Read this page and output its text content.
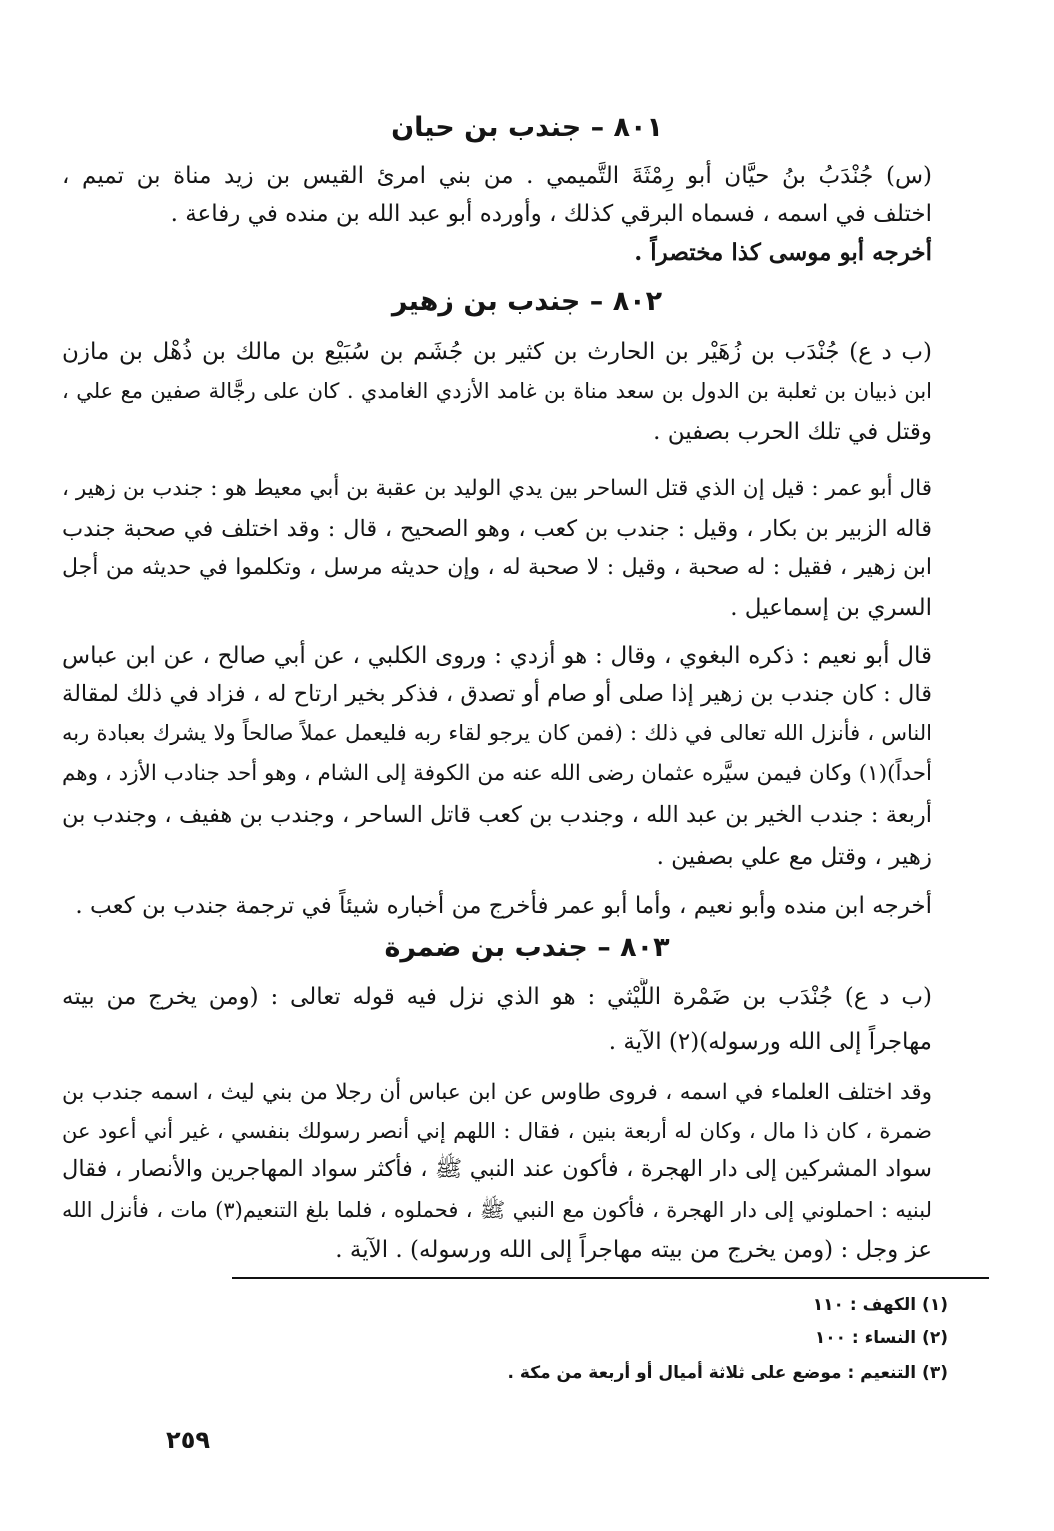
٨٠١ – جندب بن حيان
(س) جُنْدَبُ بنُ حيَّان أبو رِمْثَةَ التَّميمي . من بني امرئ القيس بن زيد مناة بن تميم ،
اختلف في اسمه ، فسماه البرقي كذلك ، وأورده أبو عبد الله بن منده في رفاعة .
أخرجه أبو موسى كذا مختصراً .
٨٠٢ – جندب بن زهير
(ب د ع) جُنْدَب بن زُهَيْر بن الحارث بن كثير بن جُشَم بن سُبَيْع بن مالك بن ذُهْل بن مازن
ابن ذبيان بن ثعلبة بن الدول بن سعد مناة بن غامد الأزدي الغامدي . كان على رجَّالة صفين مع علي ،
وقتل في تلك الحرب بصفين .
قال أبو عمر : قيل إن الذي قتل الساحر بين يدي الوليد بن عقبة بن أبي معيط هو : جندب بن زهير ،
قاله الزبير بن بكار ، وقيل : جندب بن كعب ، وهو الصحيح ، قال : وقد اختلف في صحبة جندب
ابن زهير ، فقيل : له صحبة ، وقيل : لا صحبة له ، وإن حديثه مرسل ، وتكلموا في حديثه من أجل
السري بن إسماعيل .
قال أبو نعيم : ذكره البغوي ، وقال : هو أزدي : وروى الكلبي ، عن أبي صالح ، عن ابن عباس
قال : كان جندب بن زهير إذا صلى أو صام أو تصدق ، فذكر بخير ارتاح له ، فزاد في ذلك لمقالة
الناس ، فأنزل الله تعالى في ذلك : (فمن كان يرجو لقاء ربه فليعمل عملاً صالحاً ولا يشرك بعبادة ربه
أحداً)(١) وكان فيمن سيَّره عثمان رضى الله عنه من الكوفة إلى الشام ، وهو أحد جنادب الأزد ، وهم
أربعة : جندب الخير بن عبد الله ، وجندب بن كعب قاتل الساحر ، وجندب بن هفيف ، وجندب بن
زهير ، وقتل مع علي بصفين .
أخرجه ابن منده وأبو نعيم ، وأما أبو عمر فأخرج من أخباره شيئاً في ترجمة جندب بن كعب .
٨٠٣ – جندب بن ضمرة
(ب د ع) جُنْدَب بن ضَمْرة اللَّيْثي : هو الذي نزل فيه قوله تعالى : (ومن يخرج من بيته
مهاجراً إلى الله ورسوله)(٢) الآية .
وقد اختلف العلماء في اسمه ، فروى طاوس عن ابن عباس أن رجلا من بني ليث ، اسمه جندب بن
ضمرة ، كان ذا مال ، وكان له أربعة بنين ، فقال : اللهم إني أنصر رسولك بنفسي ، غير أني أعود عن
سواد المشركين إلى دار الهجرة ، فأكون عند النبي ﷺ ، فأكثر سواد المهاجرين والأنصار ، فقال
لبنيه : احملوني إلى دار الهجرة ، فأكون مع النبي ﷺ ، فحملوه ، فلما بلغ التنعيم(٣) مات ، فأنزل الله
عز وجل : (ومن يخرج من بيته مهاجراً إلى الله ورسوله) . الآية .
(١) الكهف : ١١٠
(٢) النساء : ١٠٠
(٣) التنعيم : موضع على ثلاثة أميال أو أربعة من مكة .
٢٥٩
